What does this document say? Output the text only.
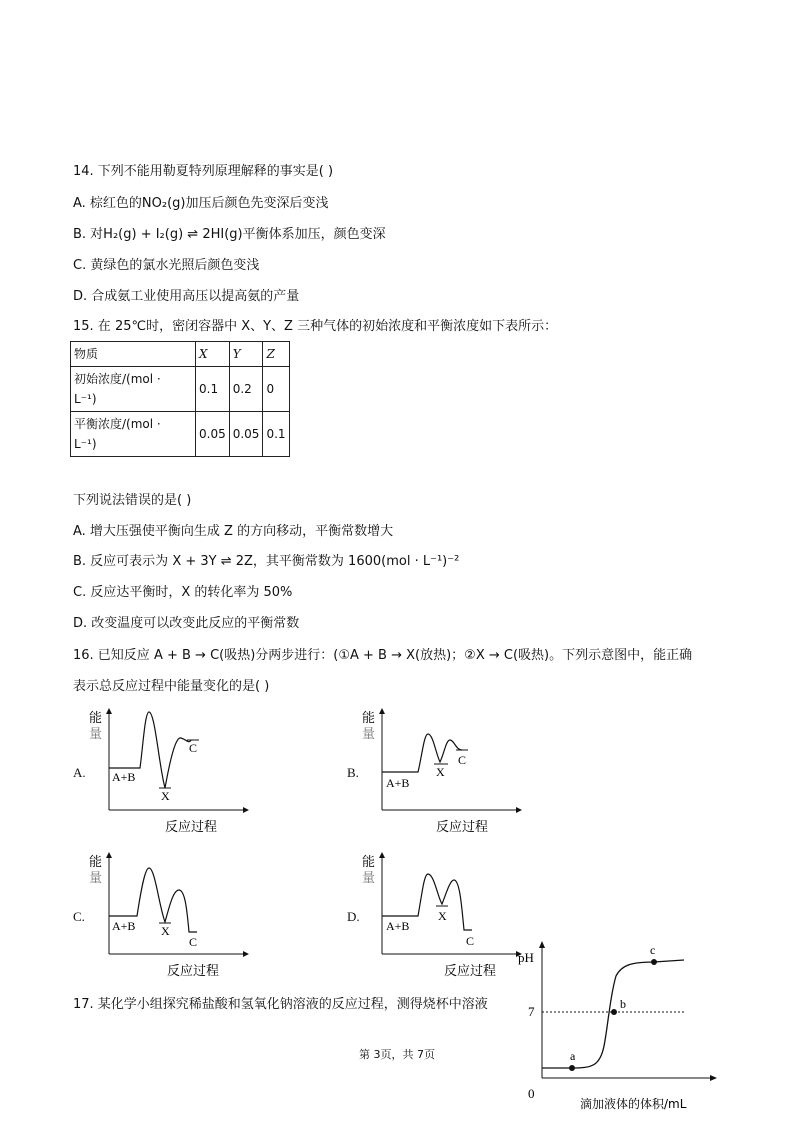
14. 下列不能用勒夏特列原理解释的事实是( )
A. 棕红色的NO₂(g)加压后颜色先变深后变浅
B. 对H₂(g) + I₂(g) ⇌ 2HI(g)平衡体系加压，颜色变深
C. 黄绿色的氯水光照后颜色变浅
D. 合成氨工业使用高压以提高氨的产量
15. 在 25℃时，密闭容器中 X、Y、Z 三种气体的初始浓度和平衡浓度如下表所示：
物质	X	Y	Z

初始浓度/(mol ·
L⁻¹)	0.1	0.2	0

平衡浓度/(mol ·
L⁻¹)	0.05	0.05	0.1
下列说法错误的是( )
A. 增大压强使平衡向生成 Z 的方向移动，平衡常数增大
B. 反应可表示为 X + 3Y ⇌ 2Z，其平衡常数为 1600(mol · L⁻¹)⁻²
C. 反应达平衡时，X 的转化率为 50%
D. 改变温度可以改变此反应的平衡常数
16. 已知反应 A + B → C(吸热)分两步进行：(①A + B → X(放热)；②X → C(吸热)。下列示意图中，能正确
表示总反应过程中能量变化的是( )
A.
能
量
A+B
X
C
反应过程
B.
能
量
A+B
X
C
反应过程
C.
能
量
A+B X
C
反应过程
D.
能
量
A+B
X
C
反应过程
17. 某化学小组探究稀盐酸和氢氧化钠溶液的反应过程，测得烧杯中溶液
pH
7
0
a
b
c
滴加液体的体积/mL
第 3页，共 7页
